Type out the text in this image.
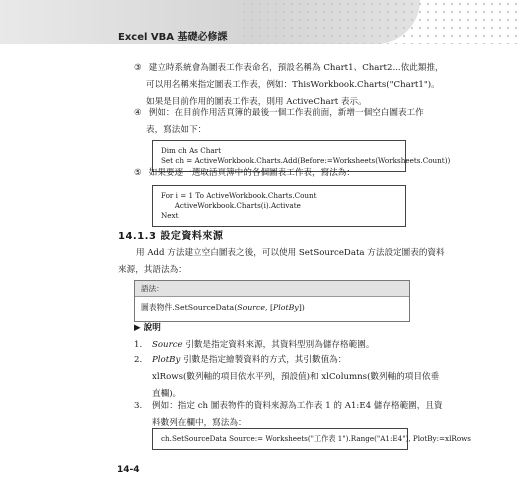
Excel VBA 基礎必修課
③ 建立時系統會為圖表工作表命名，預設名稱為 Chart1、Chart2...依此類推，
可以用名稱來指定圖表工作表，例如：ThisWorkbook.Charts("Chart1")。
如果是目前作用的圖表工作表，則用 ActiveChart 表示。
④ 例如：在目前作用活頁簿的最後一個工作表前面，新增一個空白圖表工作
表，寫法如下：
Dim ch As Chart
Set ch = ActiveWorkbook.Charts.Add(Before:=Worksheets(Worksheets.Count))
⑤ 如果要逐一選取活頁簿中的各個圖表工作表，寫法為：
For i = 1 To ActiveWorkbook.Charts.Count
ActiveWorkbook.Charts(i).Activate
Next
14.1.3 設定資料來源
用 Add 方法建立空白圖表之後，可以使用 SetSourceData 方法設定圖表的資料
來源，其語法為：
語法：
圖表物件.SetSourceData(Source, [PlotBy])
▶ 說明
1. Source 引數是指定資料來源，其資料型別為儲存格範圍。
2. PlotBy 引數是指定繪製資料的方式，其引數值為：
xlRows(數列軸的項目依水平列，預設值)和 xlColumns(數列軸的項目依垂
直欄)。
3. 例如：指定 ch 圖表物件的資料來源為工作表 1 的 A1:E4 儲存格範圍，且資
料數列在欄中，寫法為：
ch.SetSourceData Source:= Worksheets("工作表 1").Range("A1:E4"), PlotBy:=xlRows
14-4
